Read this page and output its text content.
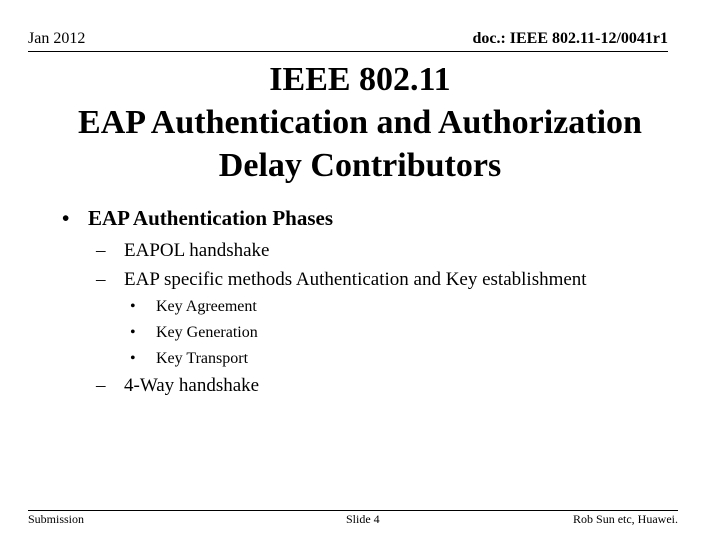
Jan 2012	doc.: IEEE 802.11-12/0041r1
IEEE 802.11
EAP Authentication and Authorization
Delay Contributors
• EAP Authentication Phases
– EAPOL handshake
– EAP specific methods Authentication and Key establishment
• Key Agreement
• Key Generation
• Key Transport
– 4-Way handshake
Submission	Slide 4	Rob Sun etc, Huawei.
